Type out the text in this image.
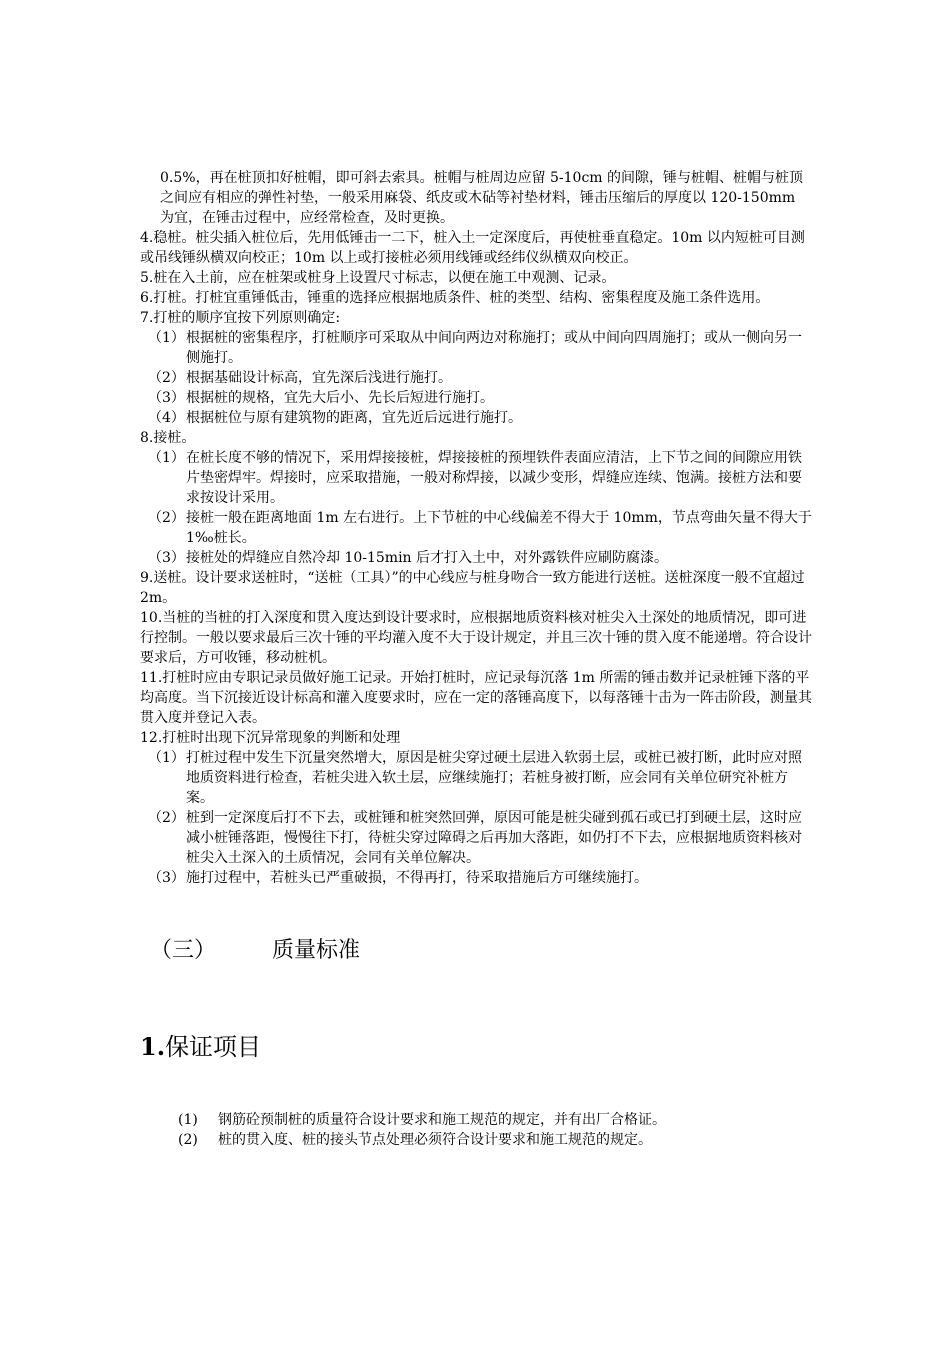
0.5%，再在桩顶扣好桩帽，即可斜去索具。桩帽与桩周边应留 5-10cm 的间隙，锤与桩帽、桩帽与桩顶之间应有相应的弹性衬垫，一般采用麻袋、纸皮或木砧等衬垫材料，锤击压缩后的厚度以 120-150mm 为宜，在锤击过程中，应经常检查，及时更换。

4.稳桩。桩尖插入桩位后，先用低锤击一二下，桩入土一定深度后，再使桩垂直稳定。10m 以内短桩可目测或吊线锤纵横双向校正；10m 以上或打接桩必须用线锤或经纬仪纵横双向校正。

5.桩在入土前，应在桩架或桩身上设置尺寸标志，以便在施工中观测、记录。

6.打桩。打桩宜重锤低击，锤重的选择应根据地质条件、桩的类型、结构、密集程度及施工条件选用。

7.打桩的顺序宜按下列原则确定:

（1） 根据桩的密集程序，打桩顺序可采取从中间向两边对称施打；或从中间向四周施打；或从一侧向另一侧施打。
（2） 根据基础设计标高，宜先深后浅进行施打。
（3） 根据桩的规格，宜先大后小、先长后短进行施打。
（4） 根据桩位与原有建筑物的距离，宜先近后远进行施打。

8.接桩。

（1） 在桩长度不够的情况下，采用焊接接桩，焊接接桩的预埋铁件表面应清洁，上下节之间的间隙应用铁片垫密焊牢。焊接时，应采取措施，一般对称焊接，以减少变形，焊缝应连续、饱满。接桩方法和要求按设计采用。
（2） 接桩一般在距离地面 1m 左右进行。上下节桩的中心线偏差不得大于 10mm，节点弯曲矢量不得大于 1‰桩长。
（3） 接桩处的焊缝应自然冷却 10-15min 后才打入土中，对外露铁件应刷防腐漆。

9.送桩。设计要求送桩时，“送桩（工具）”的中心线应与桩身吻合一致方能进行送桩。送桩深度一般不宜超过 2m。

10.当桩的当桩的打入深度和贯入度达到设计要求时，应根据地质资料核对桩尖入土深处的地质情况，即可进行控制。一般以要求最后三次十锤的平均灌入度不大于设计规定，并且三次十锤的贯入度不能递增。符合设计要求后，方可收锤，移动桩机。

11.打桩时应由专职记录员做好施工记录。开始打桩时，应记录每沉落 1m 所需的锤击数并记录桩锤下落的平均高度。当下沉接近设计标高和灌入度要求时，应在一定的落锤高度下，以每落锤十击为一阵击阶段，测量其贯入度并登记入表。

12.打桩时出现下沉异常现象的判断和处理

（1） 打桩过程中发生下沉量突然增大，原因是桩尖穿过硬土层进入软弱土层，或桩已被打断，此时应对照地质资料进行检查，若桩尖进入软土层，应继续施打；若桩身被打断，应会同有关单位研究补桩方案。
（2） 桩到一定深度后打不下去，或桩锤和桩突然回弹，原因可能是桩尖碰到孤石或已打到硬土层，这时应减小桩锤落距，慢慢往下打，待桩尖穿过障碍之后再加大落距，如仍打不下去，应根据地质资料核对桩尖入土深入的土质情况，会同有关单位解决。
（3） 施打过程中，若桩头已严重破损，不得再打，待采取措施后方可继续施打。
（三）	质量标准
1.保证项目
(1)	钢筋砼预制桩的质量符合设计要求和施工规范的规定，并有出厂合格证。
(2)	桩的贯入度、桩的接头节点处理必须符合设计要求和施工规范的规定。
